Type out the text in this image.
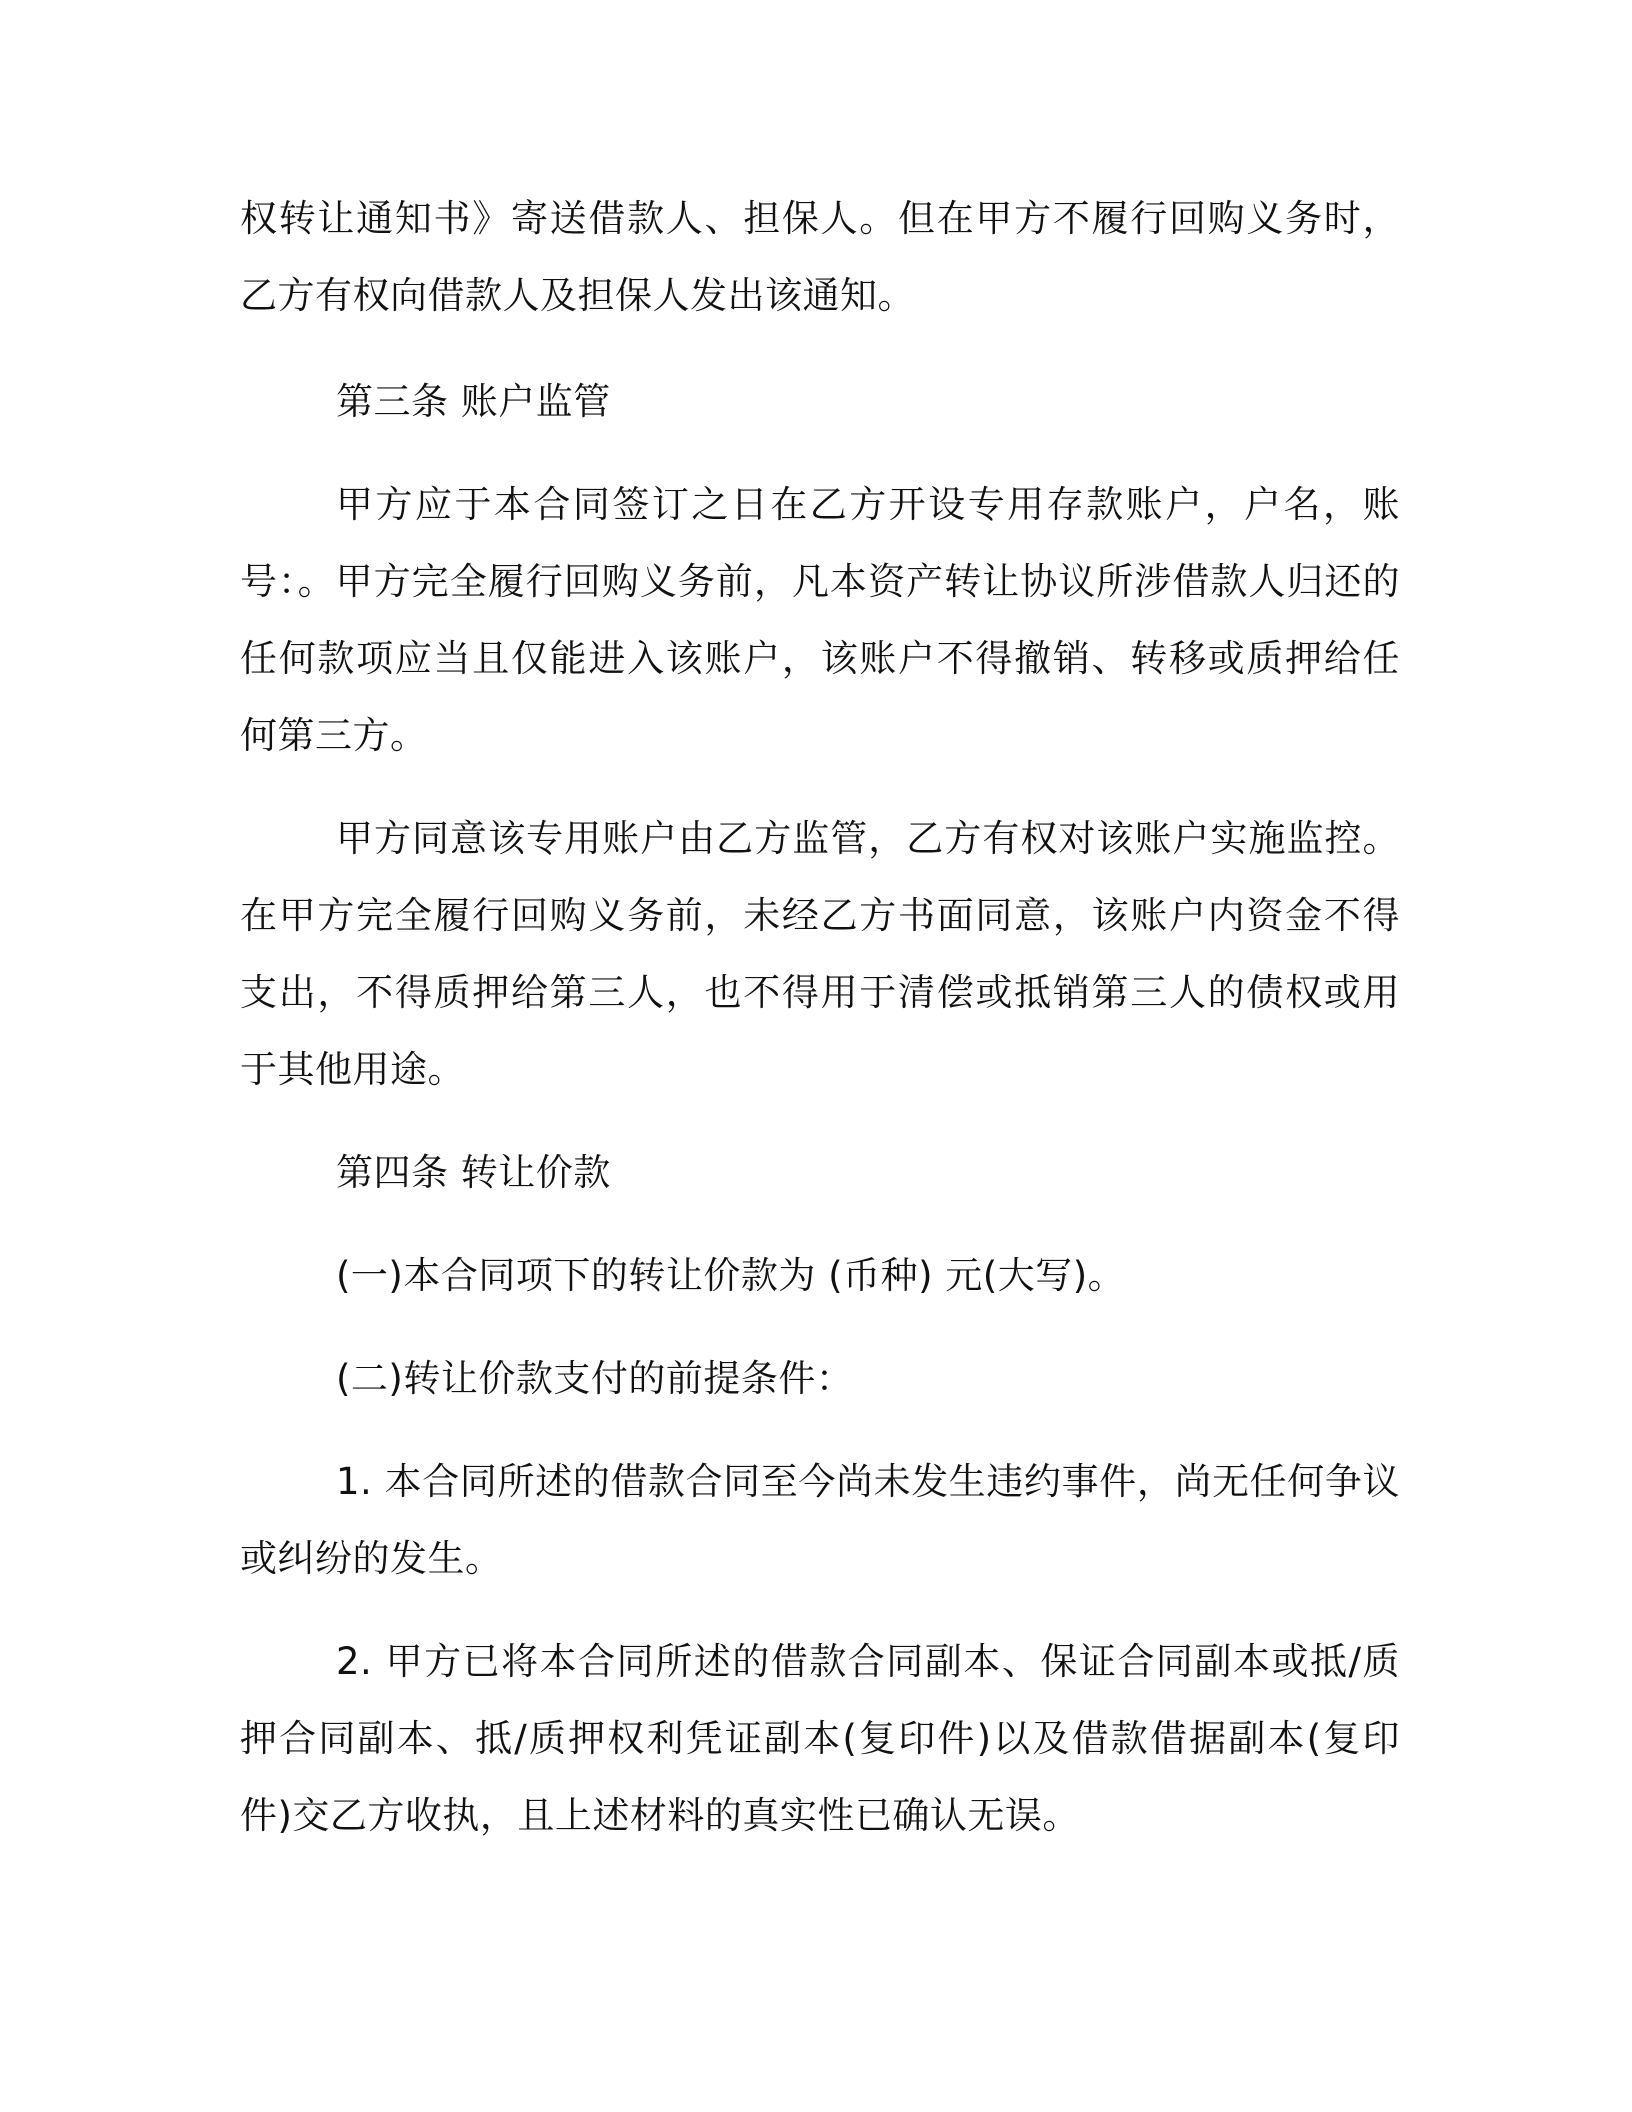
权转让通知书》寄送借款人、担保人。但在甲方不履行回购义务时，乙方有权向借款人及担保人发出该通知。

第三条 账户监管

甲方应于本合同签订之日在乙方开设专用存款账户，户名，账号：。甲方完全履行回购义务前，凡本资产转让协议所涉借款人归还的任何款项应当且仅能进入该账户，该账户不得撤销、转移或质押给任何第三方。

甲方同意该专用账户由乙方监管，乙方有权对该账户实施监控。在甲方完全履行回购义务前，未经乙方书面同意，该账户内资金不得支出，不得质押给第三人，也不得用于清偿或抵销第三人的债权或用于其他用途。

第四条 转让价款

(一)本合同项下的转让价款为 (币种) 元(大写)。

(二)转让价款支付的前提条件：

1. 本合同所述的借款合同至今尚未发生违约事件，尚无任何争议或纠纷的发生。

2. 甲方已将本合同所述的借款合同副本、保证合同副本或抵/质押合同副本、抵/质押权利凭证副本(复印件)以及借款借据副本(复印件)交乙方收执，且上述材料的真实性已确认无误。
